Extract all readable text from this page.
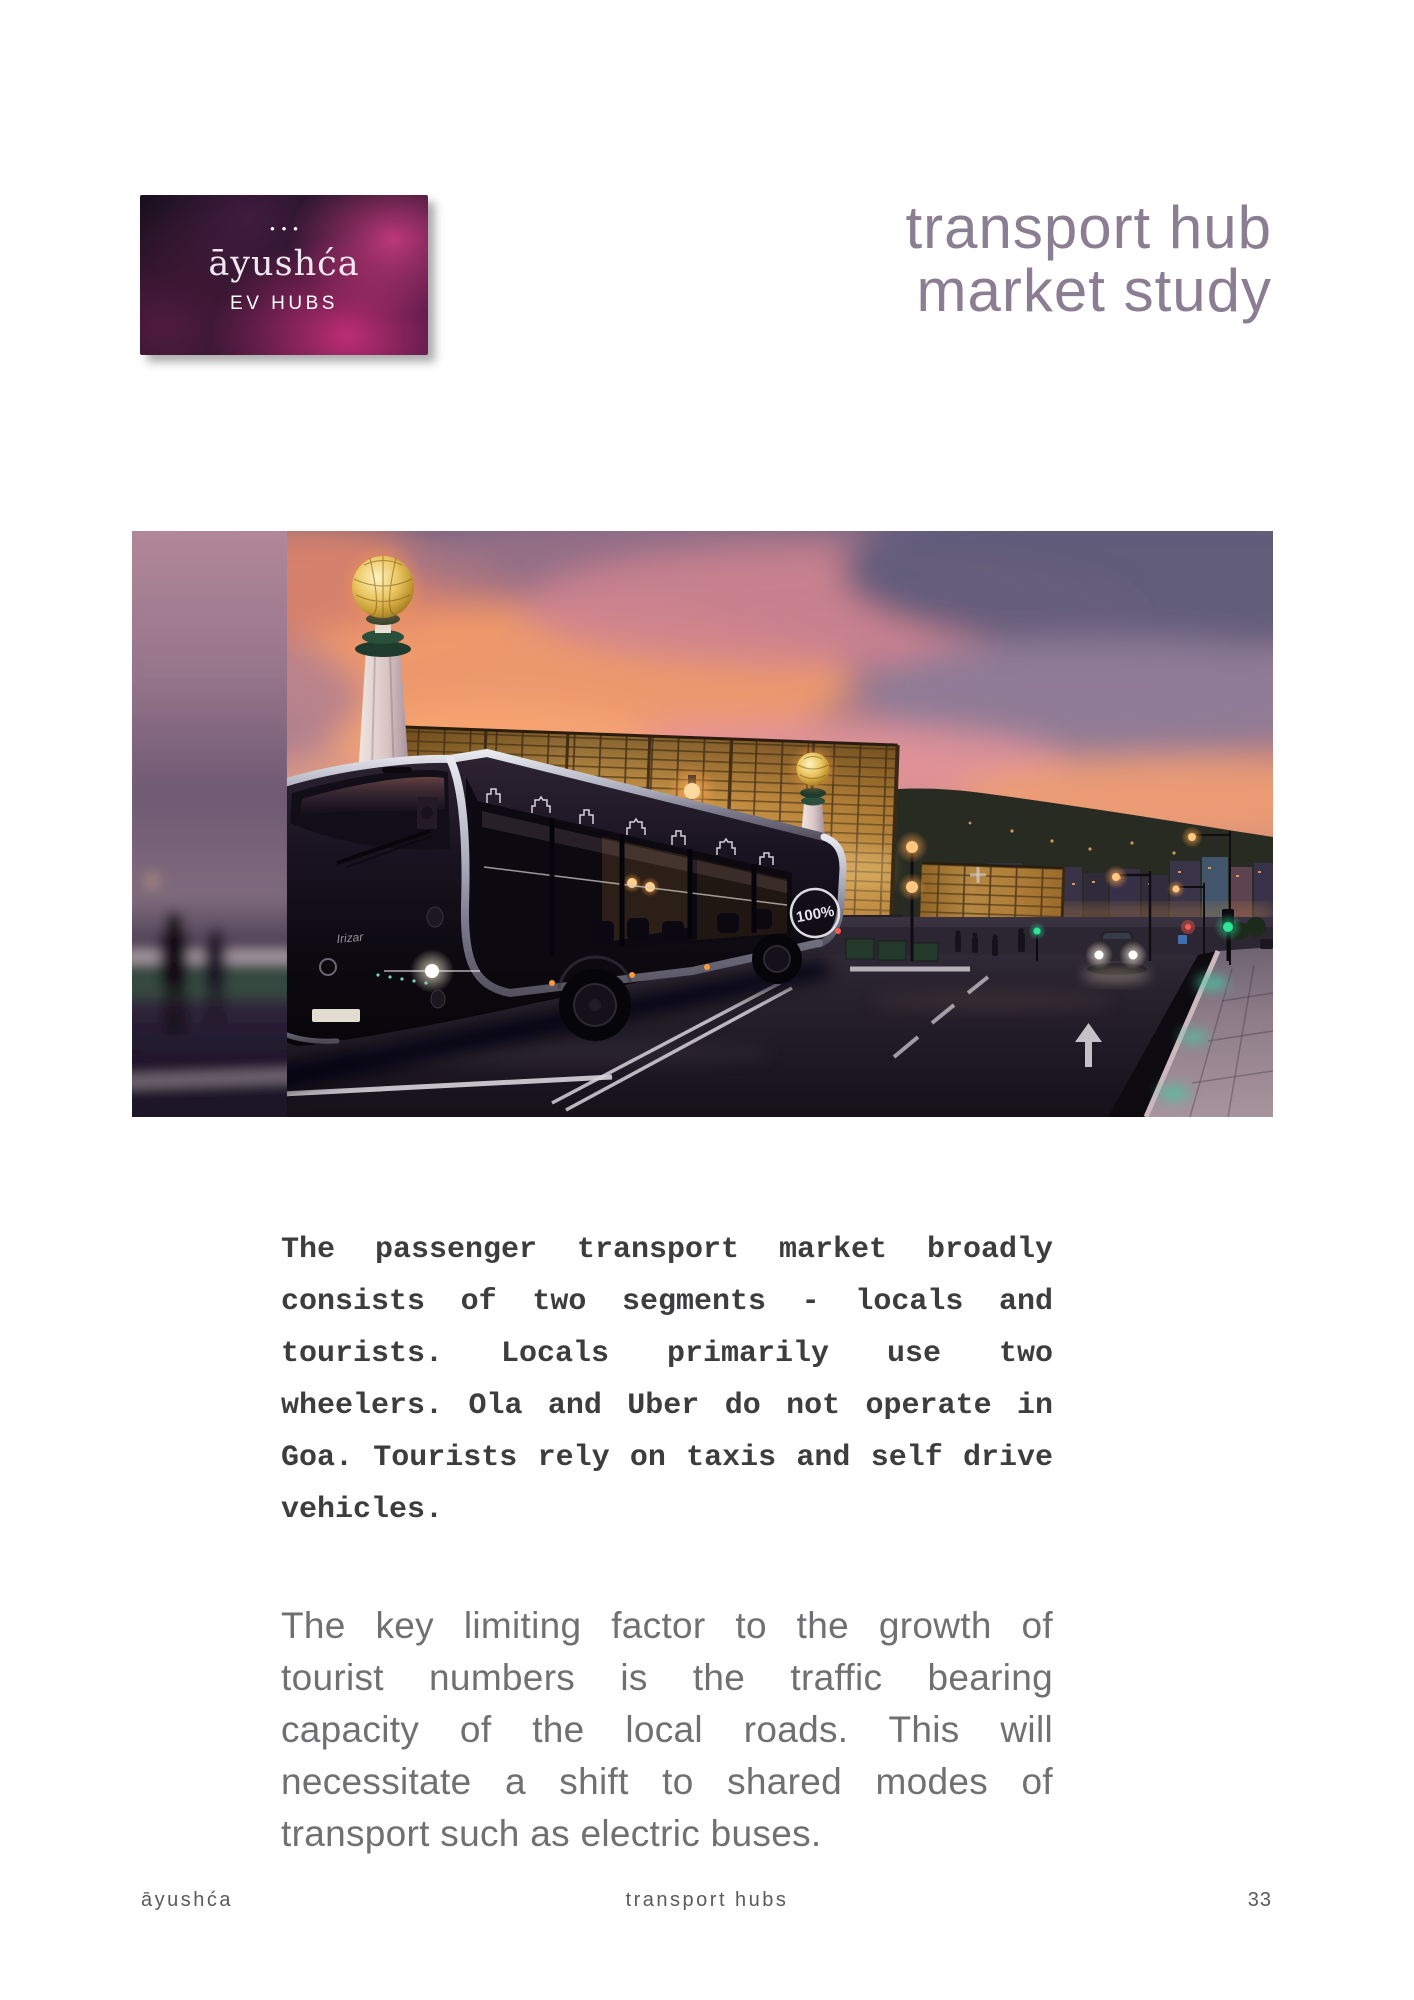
•••
āyushća
EV HUBS
transport hub
market study
100%
Irizar
The passenger transport market broadly
consists of two segments - locals and
tourists. Locals primarily use two
wheelers. Ola and Uber do not operate in
Goa. Tourists rely on taxis and self drive
vehicles.
The key limiting factor to the growth of
tourist numbers is the traffic bearing
capacity of the local roads. This will
necessitate a shift to shared modes of
transport such as electric buses.
āyushća	transport hubs	33
